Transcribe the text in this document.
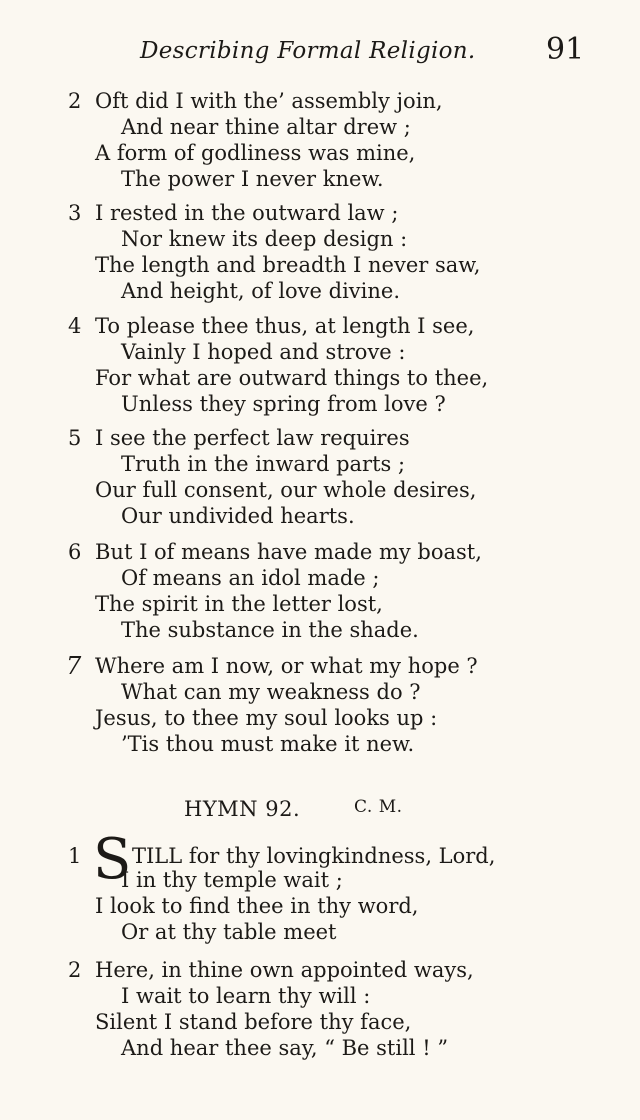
Describing Formal Religion. 91
2 Oft did I with the’ assembly join,
And near thine altar drew ;
A form of godliness was mine,
The power I never knew.
3 I rested in the outward law ;
Nor knew its deep design :
The length and breadth I never saw,
And height, of love divine.
4 To please thee thus, at length I see,
Vainly I hoped and strove :
For what are outward things to thee,
Unless they spring from love ?
5 I see the perfect law requires
Truth in the inward parts ;
Our full consent, our whole desires,
Our undivided hearts.
6 But I of means have made my boast,
Of means an idol made ;
The spirit in the letter lost,
The substance in the shade.
7 Where am I now, or what my hope ?
What can my weakness do ?
Jesus, to thee my soul looks up :
’Tis thou must make it new.
HYMN 92.	C. M.
1 S TILL for thy lovingkindness, Lord,
I in thy temple wait ;
I look to find thee in thy word,
Or at thy table meet
2 Here, in thine own appointed ways,
I wait to learn thy will :
Silent I stand before thy face,
And hear thee say, “ Be still ! ”
